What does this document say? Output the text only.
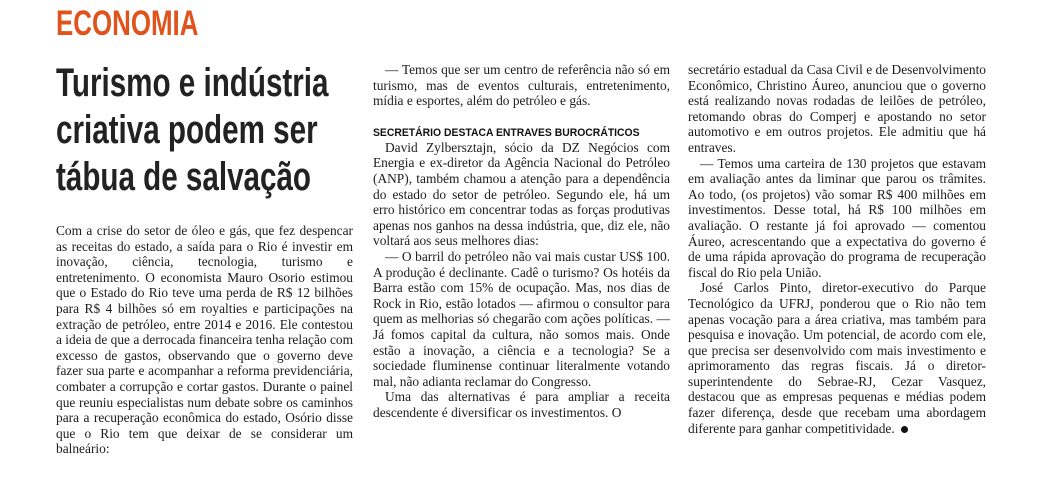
ECONOMIA
Turismo e indústria
criativa podem ser
tábua de salvação

Com a crise do setor de óleo e gás, que fez despencar as receitas do estado, a saída para o Rio é investir em inovação, ciência, tecnologia, turismo e entretenimento. O economista Mauro Osorio estimou que o Estado do Rio teve uma perda de R$ 12 bilhões para R$ 4 bilhões só em royalties e participações na extração de petróleo, entre 2014 e 2016. Ele contestou a ideia de que a derrocada financeira tenha relação com excesso de gastos, observando que o governo deve fazer sua parte e acompanhar a reforma previdenciária, combater a corrupção e cortar gastos. Durante o painel que reuniu especialistas num debate sobre os caminhos para a recuperação econômica do estado, Osório disse que o Rio tem que deixar de se considerar um balneário:

— Temos que ser um centro de referência não só em turismo, mas de eventos culturais, entretenimento, mídia e esportes, além do petróleo e gás.

SECRETÁRIO DESTACA ENTRAVES BUROCRÁTICOS

David Zylbersztajn, sócio da DZ Negócios com Energia e ex-diretor da Agência Nacional do Petróleo (ANP), também chamou a atenção para a dependência do estado do setor de petróleo. Segundo ele, há um erro histórico em concentrar todas as forças produtivas apenas nos ganhos na dessa indústria, que, diz ele, não voltará aos seus melhores dias:

— O barril do petróleo não vai mais custar US$ 100. A produção é declinante. Cadê o turismo? Os hotéis da Barra estão com 15% de ocupação. Mas, nos dias de Rock in Rio, estão lotados — afirmou o consultor para quem as melhorias só chegarão com ações políticas. — Já fomos capital da cultura, não somos mais. Onde estão a inovação, a ciência e a tecnologia? Se a sociedade fluminense continuar literalmente votando mal, não adianta reclamar do Congresso.

Uma das alternativas é para ampliar a receita descendente é diversificar os investimentos. O

secretário estadual da Casa Civil e de Desenvolvimento Econômico, Christino Áureo, anunciou que o governo está realizando novas rodadas de leilões de petróleo, retomando obras do Comperj e apostando no setor automotivo e em outros projetos. Ele admitiu que há entraves.

— Temos uma carteira de 130 projetos que estavam em avaliação antes da liminar que parou os trâmites. Ao todo, (os projetos) vão somar R$ 400 milhões em investimentos. Desse total, há R$ 100 milhões em avaliação. O restante já foi aprovado — comentou Áureo, acrescentando que a expectativa do governo é de uma rápida aprovação do programa de recuperação fiscal do Rio pela União.

José Carlos Pinto, diretor-executivo do Parque Tecnológico da UFRJ, ponderou que o Rio não tem apenas vocação para a área criativa, mas também para pesquisa e inovação. Um potencial, de acordo com ele, que precisa ser desenvolvido com mais investimento e aprimoramento das regras fiscais. Já o diretor-superintendente do Sebrae-RJ, Cezar Vasquez, destacou que as empresas pequenas e médias podem fazer diferença, desde que recebam uma abordagem diferente para ganhar competitividade.
